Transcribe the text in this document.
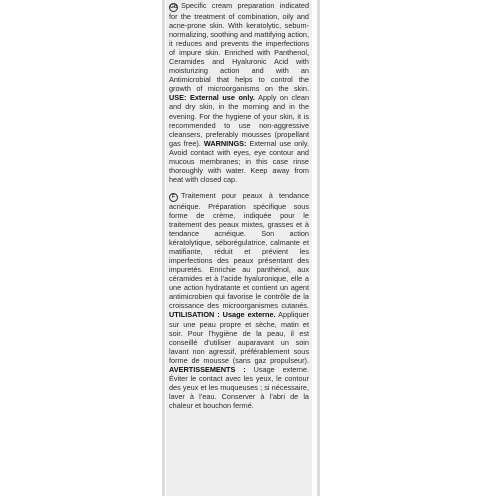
GB Specific cream preparation indicated for the treatment of combination, oily and acne-prone skin. With keratolytic, sebum-normalizing, soothing and mattifying action, it reduces and prevents the imperfections of impure skin. Enriched with Panthenol, Ceramides and Hyaluronic Acid with moisturizing action and with an Antimicrobial that helps to control the growth of microorganisms on the skin. USE: External use only. Apply on clean and dry skin, in the morning and in the evening. For the hygiene of your skin, it is recommended to use non-aggressive cleansers, preferably mousses (propellant gas free). WARNINGS: External use only. Avoid contact with eyes, eye contour and mucous membranes; in this case rinse thoroughly with water. Keep away from heat with closed cap.
F Traitement pour peaux à tendance acnéique. Préparation spécifique sous forme de crème, indiquée pour le traitement des peaux mixtes, grasses et à tendance acnéique. Son action kératolytique, séborégulatrice, calmante et matifiante, réduit et prévient les imperfections des peaux présentant des impuretés. Enrichie au panthénol, aux céramides et à l’acide hyaluronique, elle a une action hydratante et contient un agent antimicrobien qui favorise le contrôle de la croissance des microorganismes cutanés. UTILISATION : Usage externe. Appliquer sur une peau propre et sèche, matin et soir. Pour l’hygiène de la peau, il est conseillé d’utiliser auparavant un soin lavant non agressif, préférablement sous forme de mousse (sans gaz propulseur). AVERTISSEMENTS : Usage externe. Éviter le contact avec les yeux, le contour des yeux et les muqueuses ; si nécessaire, laver à l’eau. Conserver à l’abri de la chaleur et bouchon fermé.
